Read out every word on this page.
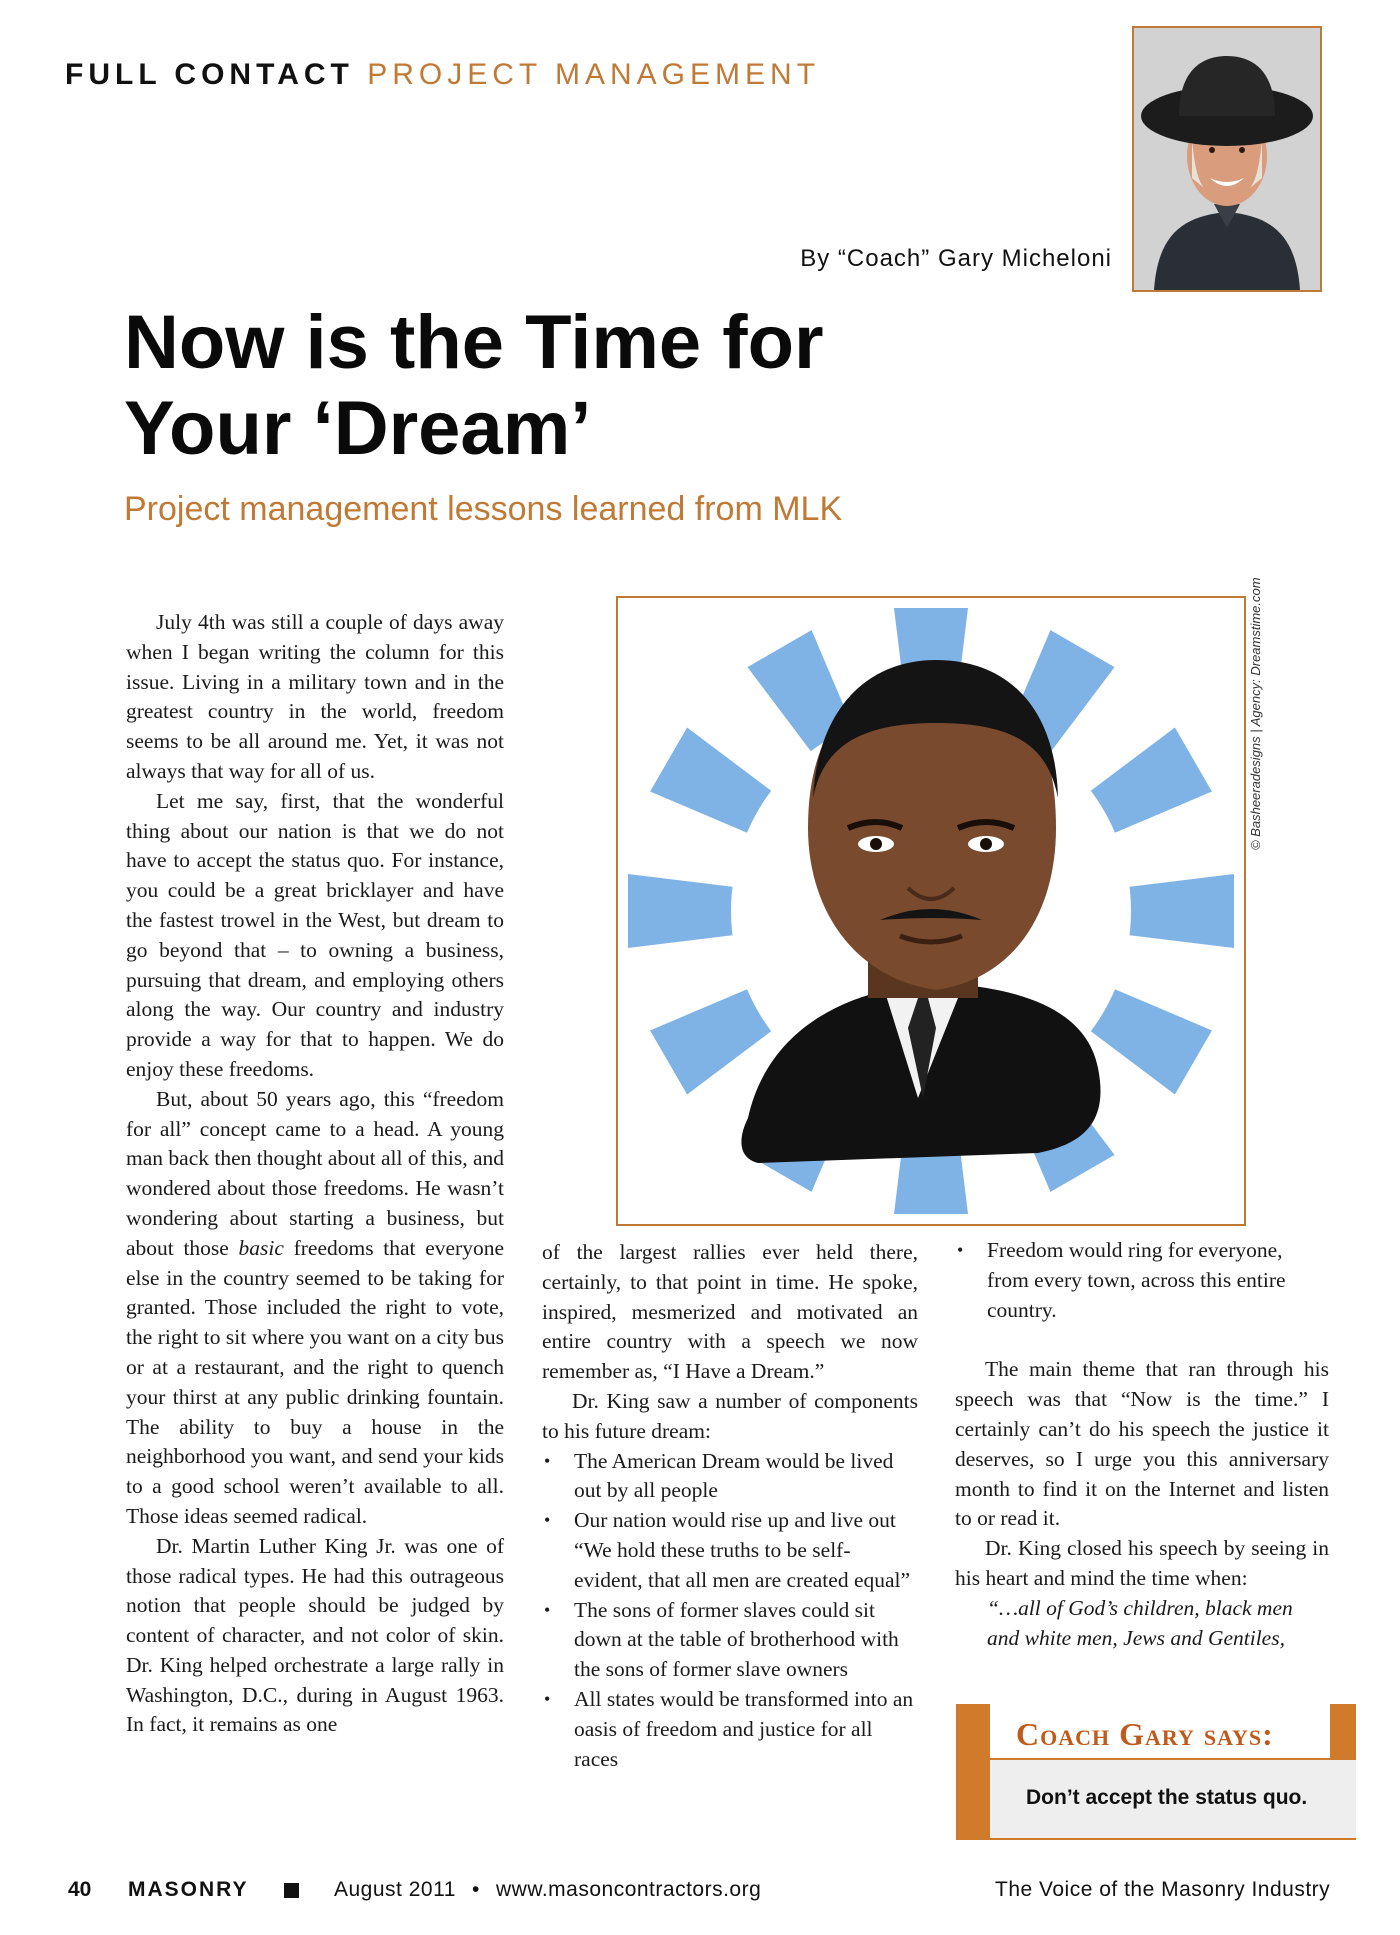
FULL CONTACT PROJECT MANAGEMENT
By “Coach” Gary Micheloni
Now is the Time for
Your ‘Dream’
Project management lessons learned from MLK

July 4th was still a couple of days away when I began writing the column for this issue. Living in a military town and in the greatest country in the world, freedom seems to be all around me. Yet, it was not always that way for all of us.

Let me say, first, that the wonderful thing about our nation is that we do not have to accept the status quo. For instance, you could be a great bricklayer and have the fastest trowel in the West, but dream to go beyond that – to owning a business, pursuing that dream, and employing others along the way. Our country and industry provide a way for that to happen. We do enjoy these freedoms.

But, about 50 years ago, this “freedom for all” concept came to a head. A young man back then thought about all of this, and wondered about those freedoms. He wasn’t wondering about starting a business, but about those basic freedoms that everyone else in the country seemed to be taking for granted. Those included the right to vote, the right to sit where you want on a city bus or at a restaurant, and the right to quench your thirst at any public drinking fountain. The ability to buy a house in the neighborhood you want, and send your kids to a good school weren’t available to all. Those ideas seemed radical.

Dr. Martin Luther King Jr. was one of those radical types. He had this outrageous notion that people should be judged by content of character, and not color of skin. Dr. King helped orchestrate a large rally in Washington, D.C., during in August 1963. In fact, it remains as one

© Basheeradesigns | Agency: Dreamstime.com

of the largest rallies ever held there, certainly, to that point in time. He spoke, inspired, mesmerized and motivated an entire country with a speech we now remember as, “I Have a Dream.”

Dr. King saw a number of components to his future dream:

• The American Dream would be lived out by all people
• Our nation would rise up and live out “We hold these truths to be self-evident, that all men are created equal”
• The sons of former slaves could sit down at the table of brotherhood with the sons of former slave owners
• All states would be transformed into an oasis of freedom and justice for all races
• Freedom would ring for everyone, from every town, across this entire country.

The main theme that ran through his speech was that “Now is the time.” I certainly can’t do his speech the justice it deserves, so I urge you this anniversary month to find it on the Internet and listen to or read it.

Dr. King closed his speech by seeing in his heart and mind the time when:

“…all of God’s children, black men and white men, Jews and Gentiles,
Coach Gary says:
Don’t accept the status quo.
40 MASONRY	August 2011 • www.masoncontractors.org	The Voice of the Masonry Industry
